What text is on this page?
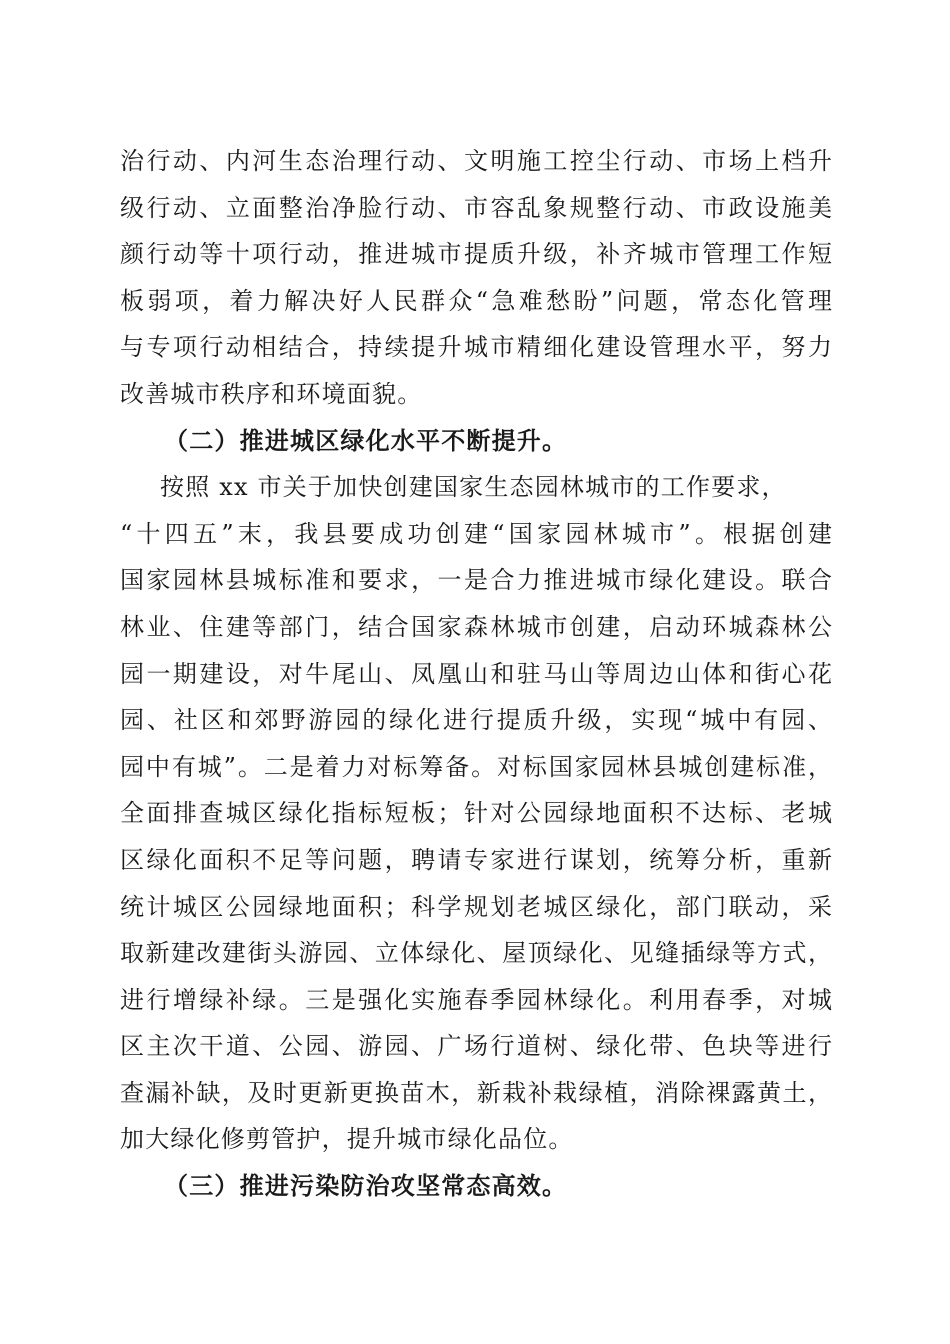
治行动、内河生态治理行动、文明施工控尘行动、市场上档升
级行动、立面整治净脸行动、市容乱象规整行动、市政设施美
颜行动等十项行动，推进城市提质升级，补齐城市管理工作短
板弱项，着力解决好人民群众“急难愁盼”问题，常态化管理
与专项行动相结合，持续提升城市精细化建设管理水平，努力
改善城市秩序和环境面貌。
（二）推进城区绿化水平不断提升。
按照 xx 市关于加快创建国家生态园林城市的工作要求，
“十四五”末，我县要成功创建“国家园林城市”。根据创建
国家园林县城标准和要求，一是合力推进城市绿化建设。联合
林业、住建等部门，结合国家森林城市创建，启动环城森林公
园一期建设，对牛尾山、凤凰山和驻马山等周边山体和街心花
园、社区和郊野游园的绿化进行提质升级，实现“城中有园、
园中有城”。二是着力对标筹备。对标国家园林县城创建标准，
全面排查城区绿化指标短板；针对公园绿地面积不达标、老城
区绿化面积不足等问题，聘请专家进行谋划，统筹分析，重新
统计城区公园绿地面积；科学规划老城区绿化，部门联动，采
取新建改建街头游园、立体绿化、屋顶绿化、见缝插绿等方式，
进行增绿补绿。三是强化实施春季园林绿化。利用春季，对城
区主次干道、公园、游园、广场行道树、绿化带、色块等进行
查漏补缺，及时更新更换苗木，新栽补栽绿植，消除裸露黄土，
加大绿化修剪管护，提升城市绿化品位。
（三）推进污染防治攻坚常态高效。
